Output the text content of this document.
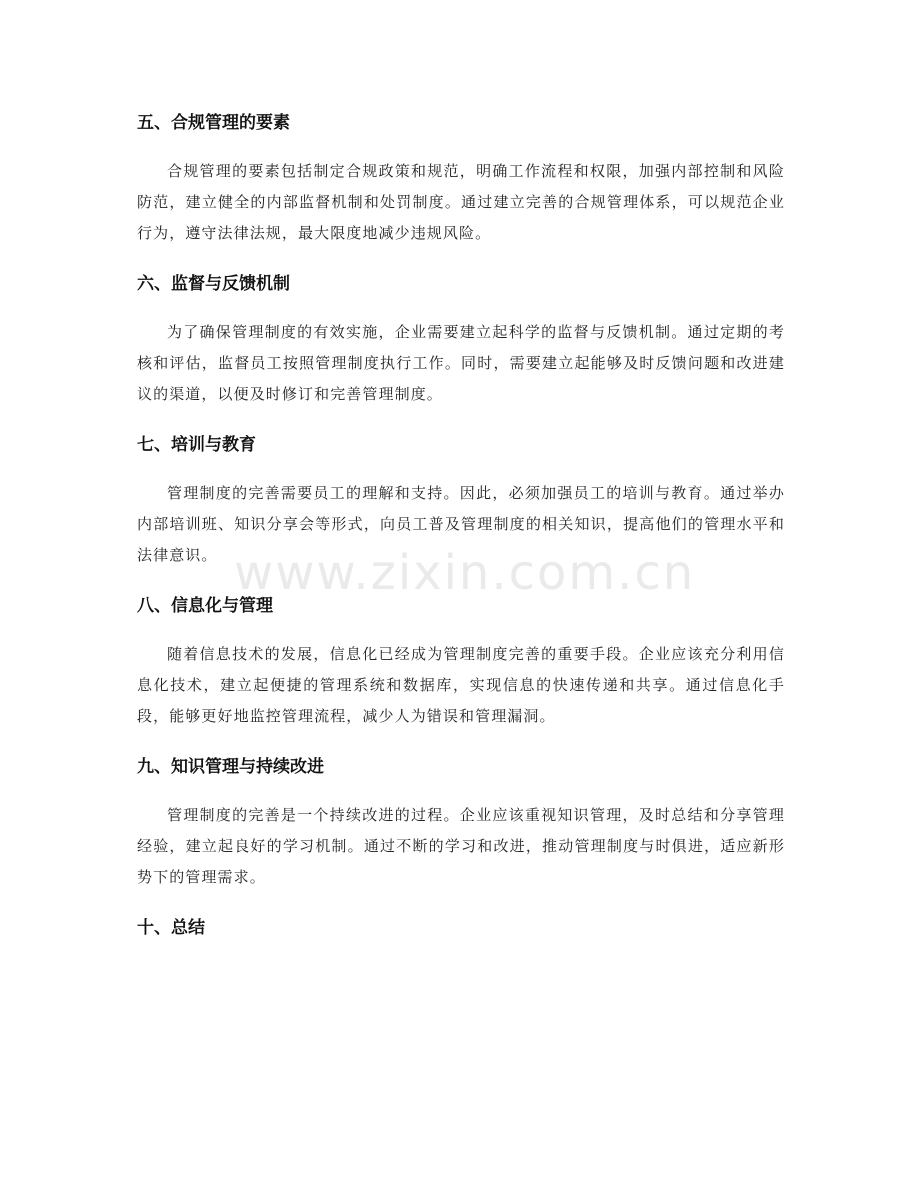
五、合规管理的要素

合规管理的要素包括制定合规政策和规范，明确工作流程和权限，加强内部控制和风险防范，建立健全的内部监督机制和处罚制度。通过建立完善的合规管理体系，可以规范企业行为，遵守法律法规，最大限度地减少违规风险。

六、监督与反馈机制

为了确保管理制度的有效实施，企业需要建立起科学的监督与反馈机制。通过定期的考核和评估，监督员工按照管理制度执行工作。同时，需要建立起能够及时反馈问题和改进建议的渠道，以便及时修订和完善管理制度。

七、培训与教育

管理制度的完善需要员工的理解和支持。因此，必须加强员工的培训与教育。通过举办内部培训班、知识分享会等形式，向员工普及管理制度的相关知识，提高他们的管理水平和法律意识。

八、信息化与管理

随着信息技术的发展，信息化已经成为管理制度完善的重要手段。企业应该充分利用信息化技术，建立起便捷的管理系统和数据库，实现信息的快速传递和共享。通过信息化手段，能够更好地监控管理流程，减少人为错误和管理漏洞。

九、知识管理与持续改进

管理制度的完善是一个持续改进的过程。企业应该重视知识管理，及时总结和分享管理经验，建立起良好的学习机制。通过不断的学习和改进，推动管理制度与时俱进，适应新形势下的管理需求。

十、总结
www.zixin.com.cn
